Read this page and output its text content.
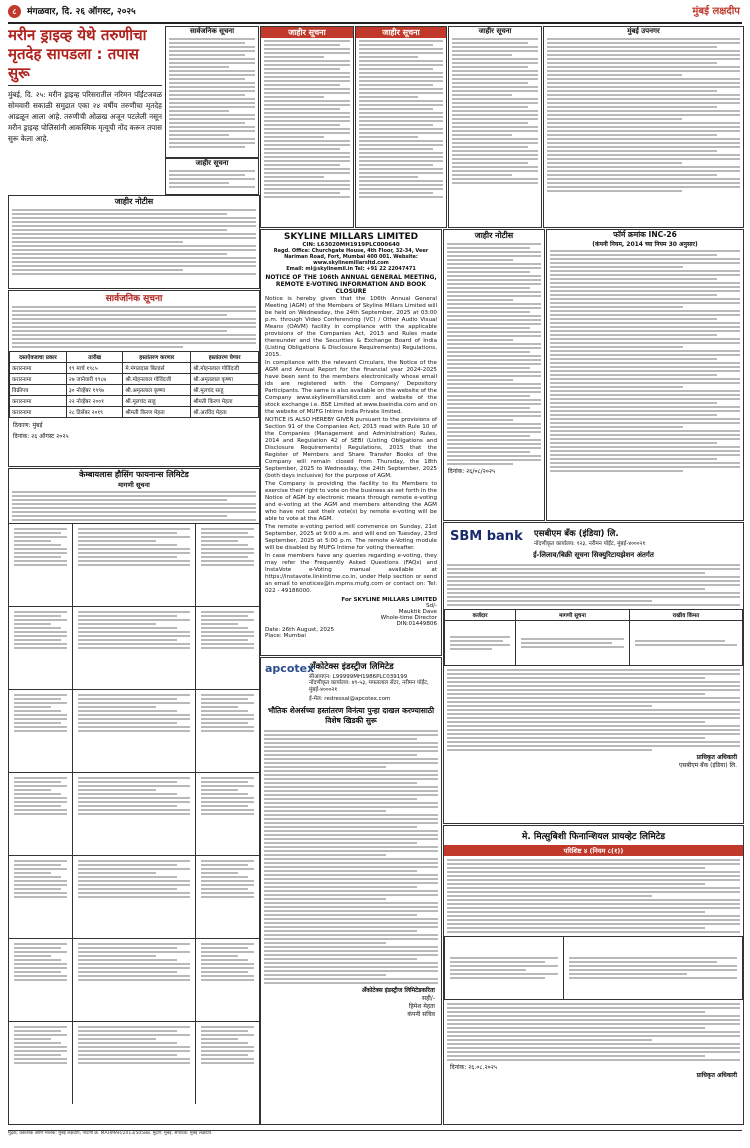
८ मंगळवार, दि. २६ ऑगस्ट, २०२५	मुंबई लक्षदीप
मरीन ड्राइव्ह येथे तरुणीचा
मृतदेह सापडला : तपास सुरू
मुंबई, दि. २५: मरीन ड्राइव्ह परिसरातील नरिमन पॉईंटजवळ सोमवारी सकाळी समुद्रात एका २४ वर्षीय तरुणीचा मृतदेह आढळून आला आहे. तरुणीची ओळख अजून पटलेली नसून मरीन ड्राइव्ह पोलिसांनी आकस्मिक मृत्यूची नोंद करून तपास सुरू केला आहे.
सार्वजनिक सूचना
जाहीर सूचना
जाहीर सूचना	जाहीर सूचना	जाहीर सूचना	मुंबई उपनगर
जाहीर नोटीस
सार्वजनिक सूचना
दस्तऐवजाचा प्रकार	तारीख	हस्तांतरण करणार	हस्तांतरण घेणार
करारनामा	१९ मार्च १९८५	मे.मंगलदास बिल्डर्स	श्री.मोहनलाल गोविंदजी
करारनामा	२७ जानेवारी १९८७	श्री.मोहनलाल गोविंदजी	श्री.अमृतलाल कृष्णा
विक्रीपत्र	३० नोव्हेंबर १९९७	श्री.अमृतलाल कृष्णा	श्री.मूलचंद साहू
करारनामा	२२ नोव्हेंबर २००१	श्री.मूलचंद साहू	श्रीमती किरण मेहता
करारनामा	२८ डिसेंबर २०१९	श्रीमती किरण मेहता	श्री.अरविंद मेहता
ठिकाण: मुंबई
दिनांक: २६ ऑगस्ट २०२५
केम्बायलास हौसिंग फायनान्स लिमिटेड
मागणी सूचना
SKYLINE MILLARS LIMITED
CIN: L63020MH1919PLC000640
Regd. Office: Churchgate House, 4th Floor, 32-34, Veer Nariman Road, Fort, Mumbai 400 001. Website: www.skylinemillarsltd.com
Email: ml@skylinemil.in Tel: +91 22 22047471
NOTICE OF THE 106th ANNUAL GENERAL MEETING,
REMOTE E-VOTING INFORMATION AND BOOK CLOSURE
Notice is hereby given that the 106th Annual General Meeting (AGM) of the Members of Skyline Millars Limited will be held on Wednesday, the 24th September, 2025 at 03:00 p.m. through Video Conferencing (VC) / Other Audio Visual Means (OAVM) facility in compliance with the applicable provisions of the Companies Act, 2013 and Rules made thereunder and the Securities & Exchange Board of India (Listing Obligations & Disclosure Requirements) Regulations, 2015.
In compliance with the relevant Circulars, the Notice of the AGM and Annual Report for the financial year 2024-2025 have been sent to the members electronically whose email ids are registered with the Company/ Depository Participants. The same is also available on the website of the Company www.skylinemillarsltd.com and website of the stock exchange i.e. BSE Limited at www.bseindia.com and on the website of MUFG Intime India Private limited.
NOTICE IS ALSO HEREBY GIVEN pursuant to the provisions of Section 91 of the Companies Act, 2013 read with Rule 10 of the Companies (Management and Administration) Rules, 2014 and Regulation 42 of SEBI (Listing Obligations and Disclosure Requirements) Regulations, 2015 that the Register of Members and Share Transfer Books of the Company will remain closed from Thursday, the 18th September, 2025 to Wednesday, the 24th September, 2025 (both days inclusive) for the purpose of AGM.
The Company is providing the facility to its Members to exercise their right to vote on the business as set forth in the Notice of AGM by electronic means through remote e-voting and e-voting at the AGM and members attending the AGM who have not cast their vote(s) by remote e-voting will be able to vote at the AGM.
The remote e-voting period will commence on Sunday, 21st September, 2025 at 9:00 a.m. and will end on Tuesday, 23rd September, 2025 at 5:00 p.m. The remote e-Voting module will be disabled by MUFG Intime for voting thereafter.
In case members have any queries regarding e-voting, they may refer the Frequently Asked Questions (FAQs) and InstaVote e-Voting manual available at https://instavote.linkintime.co.in, under Help section or send an email to enotices@in.mpms.mufg.com or contact on: Tel: 022 - 49186000.
For SKYLINE MILLARS LIMITED
Sd/-
Mauktik Dave
Whole-time Director
DIN:01449806
Date: 26th August, 2025
Place: Mumbai
apcotex
अँकोटेक्स इंडस्ट्रीज लिमिटेड
सीआयएन: L99999MH1986PLC039199
नोंदणीकृत कार्यालय: ४९-५३, मफतलाल सेंटर, नरीमन पॉईंट, मुंबई-४०००२१
ई-मेल: redressal@apcotex.com
भौतिक शेअर्सच्या हस्तांतरण विनंत्या पुन्हा दाखल करण्यासाठी विशेष खिडकी सुरू
अँकोटेक्स इंडस्ट्रीज लिमिटेडकरिता
सही/-
हिमेश मेहता
कंपनी सचिव
जाहीर नोटीस
दिनांक: २६/०८/२०२५
फॉर्म क्रमांक INC-26
(कंपनी नियम, 2014 च्या नियम 30 अनुसार)
SBM bank एसबीएम बँक (इंडिया) लि.
नोंदणीकृत कार्यालय: १२३, नरीमन पॉईंट, मुंबई-४०००२१
ई-लिलाव/बिक्री सूचना सिक्युरिटायझेशन अंतर्गत
कर्जदार	मागणी सूचना	राखीव किंमत

प्राधिकृत अधिकारी
एसबीएम बँक (इंडिया) लि.
मे. मित्सुबिशी फिनान्शियल प्रायव्हेट लिमिटेड
परिशिष्ट ४ (नियम ८(१))

दिनांक: २६.०८.२०२५
प्राधिकृत अधिकारी
मुद्रक, प्रकाशक आणि मालक: मुंबई लक्षदीप, नोंदणी क्र. MAHMAR/2013/50588. मुद्रण: मुंबई. संपादक: मुंबई लक्षदीप.
